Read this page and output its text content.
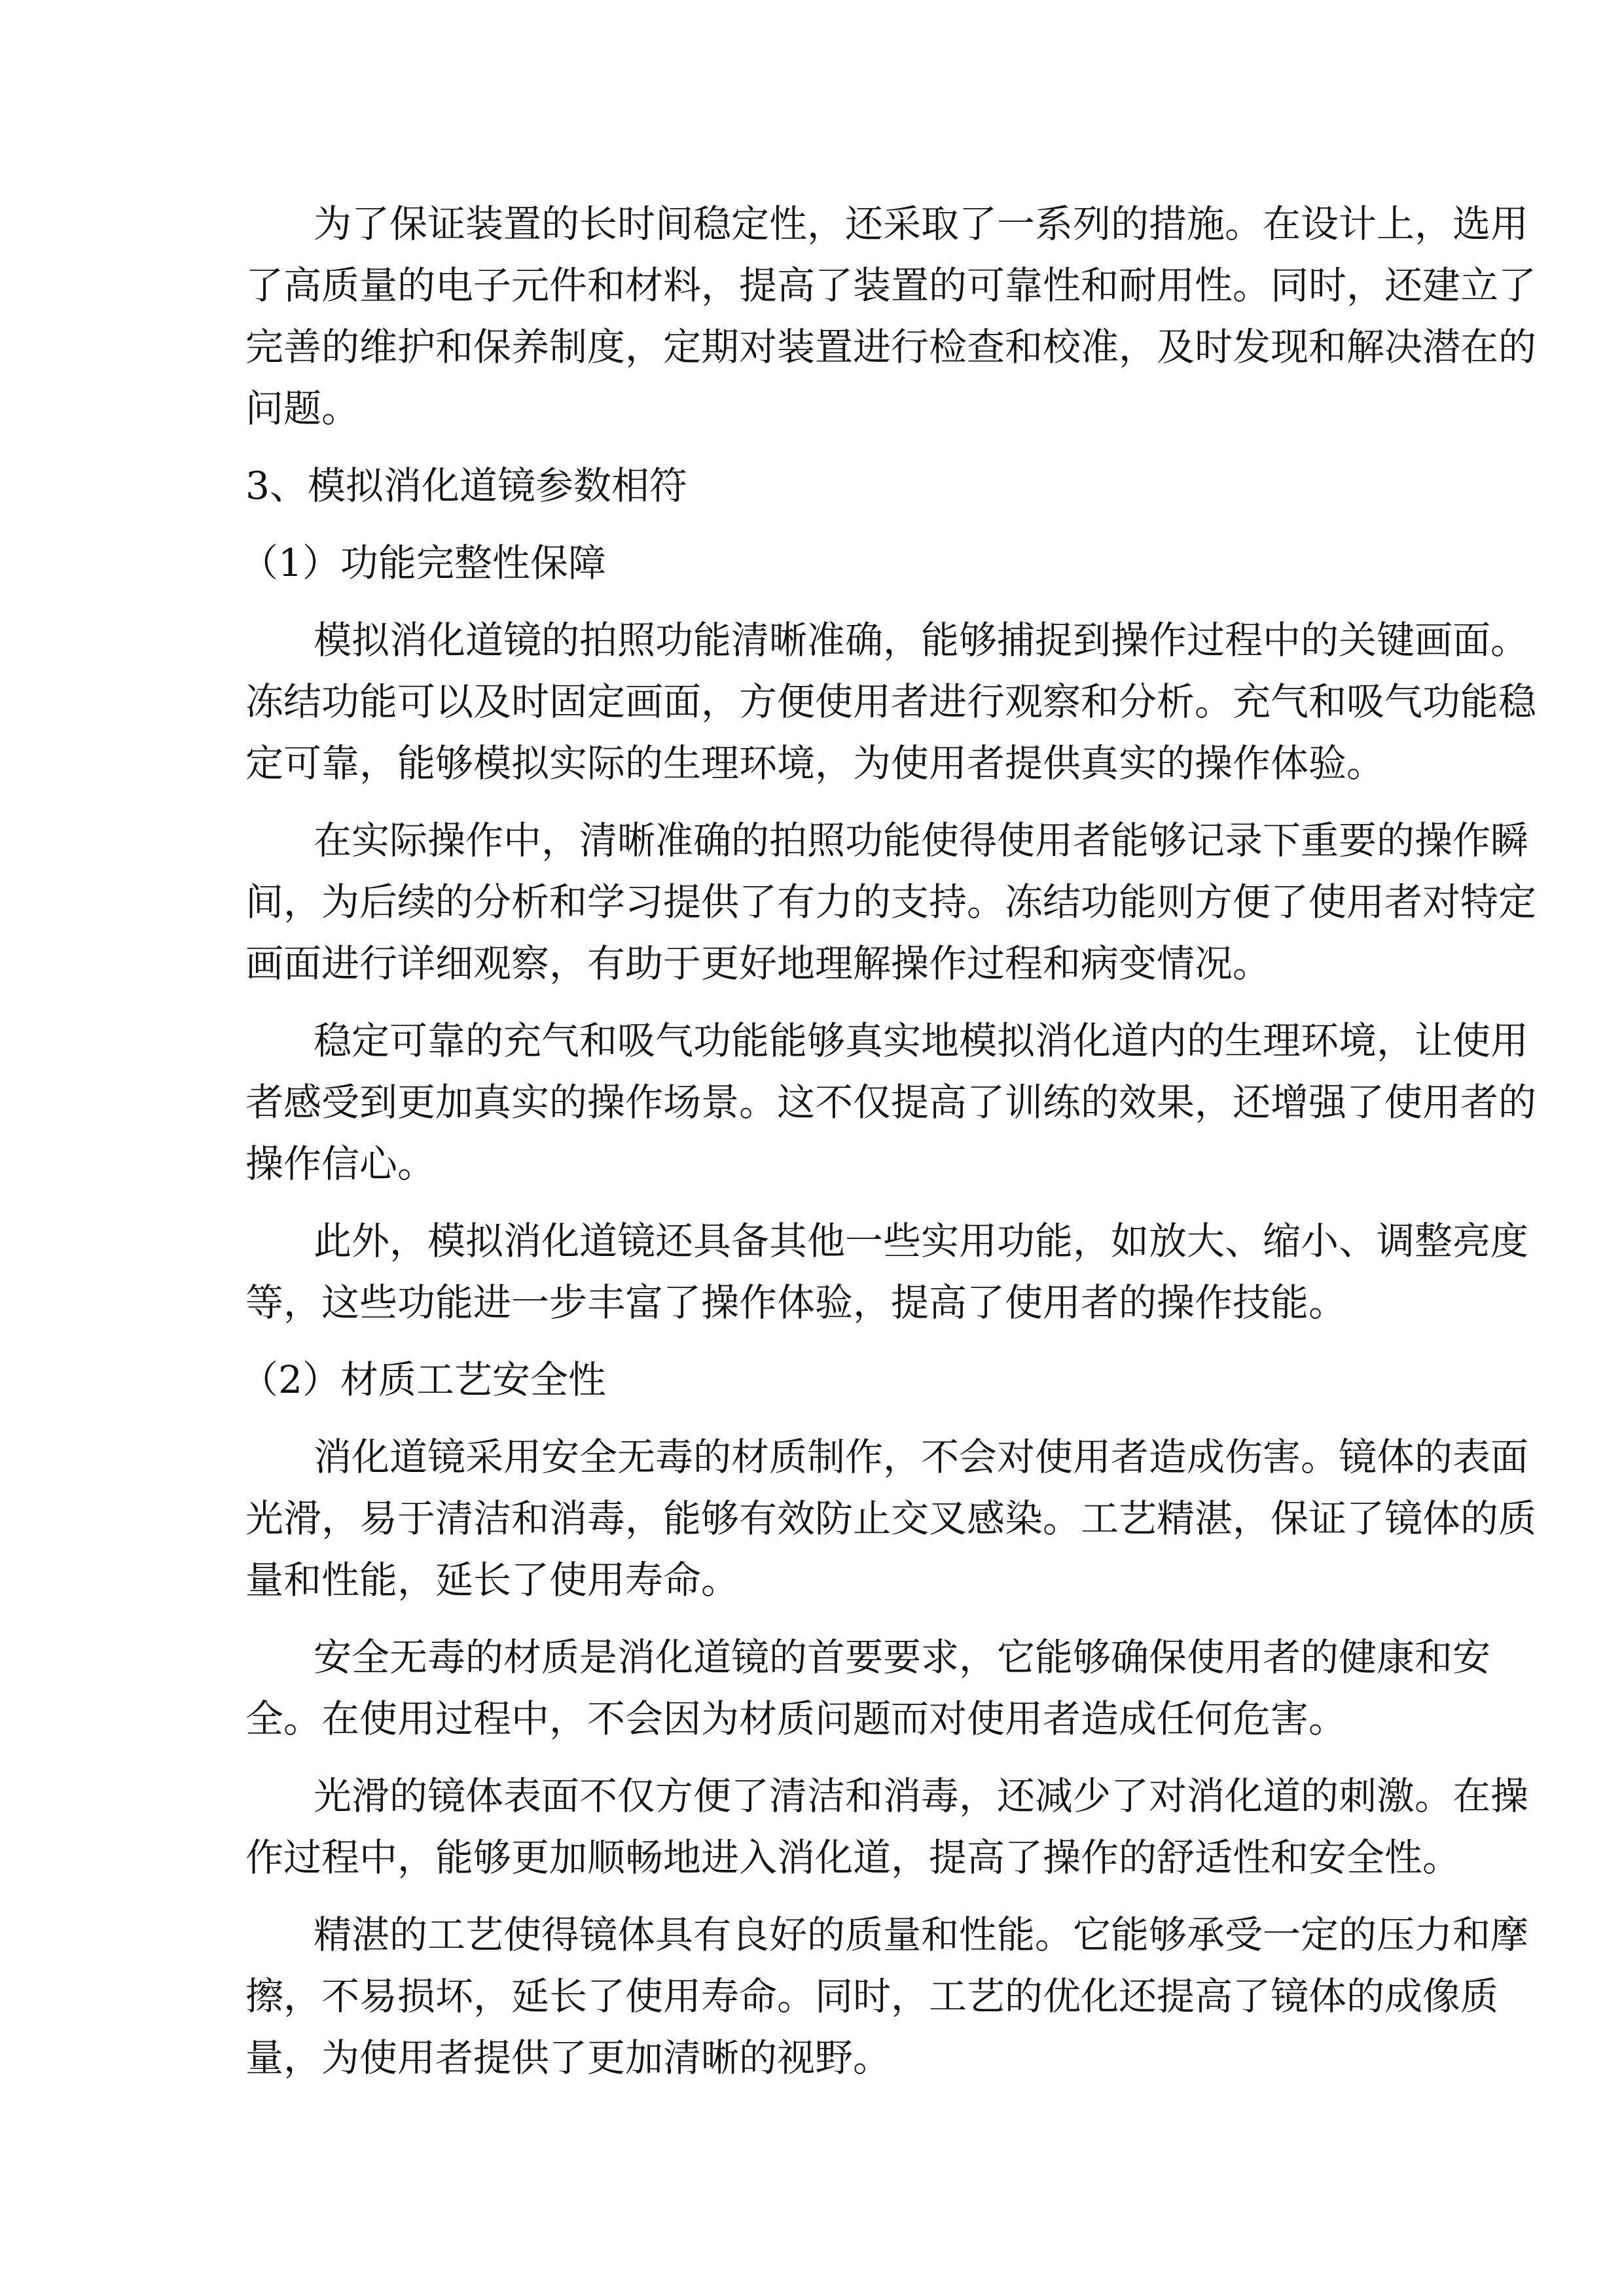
为了保证装置的长时间稳定性，还采取了一系列的措施。在设计上，选用
了高质量的电子元件和材料，提高了装置的可靠性和耐用性。同时，还建立了
完善的维护和保养制度，定期对装置进行检查和校准，及时发现和解决潜在的
问题。
3、模拟消化道镜参数相符
（1）功能完整性保障
模拟消化道镜的拍照功能清晰准确，能够捕捉到操作过程中的关键画面。
冻结功能可以及时固定画面，方便使用者进行观察和分析。充气和吸气功能稳
定可靠，能够模拟实际的生理环境，为使用者提供真实的操作体验。
在实际操作中，清晰准确的拍照功能使得使用者能够记录下重要的操作瞬
间，为后续的分析和学习提供了有力的支持。冻结功能则方便了使用者对特定
画面进行详细观察，有助于更好地理解操作过程和病变情况。
稳定可靠的充气和吸气功能能够真实地模拟消化道内的生理环境，让使用
者感受到更加真实的操作场景。这不仅提高了训练的效果，还增强了使用者的
操作信心。
此外，模拟消化道镜还具备其他一些实用功能，如放大、缩小、调整亮度
等，这些功能进一步丰富了操作体验，提高了使用者的操作技能。
（2）材质工艺安全性
消化道镜采用安全无毒的材质制作，不会对使用者造成伤害。镜体的表面
光滑，易于清洁和消毒，能够有效防止交叉感染。工艺精湛，保证了镜体的质
量和性能，延长了使用寿命。
安全无毒的材质是消化道镜的首要要求，它能够确保使用者的健康和安
全。在使用过程中，不会因为材质问题而对使用者造成任何危害。
光滑的镜体表面不仅方便了清洁和消毒，还减少了对消化道的刺激。在操
作过程中，能够更加顺畅地进入消化道，提高了操作的舒适性和安全性。
精湛的工艺使得镜体具有良好的质量和性能。它能够承受一定的压力和摩
擦，不易损坏，延长了使用寿命。同时，工艺的优化还提高了镜体的成像质
量，为使用者提供了更加清晰的视野。
